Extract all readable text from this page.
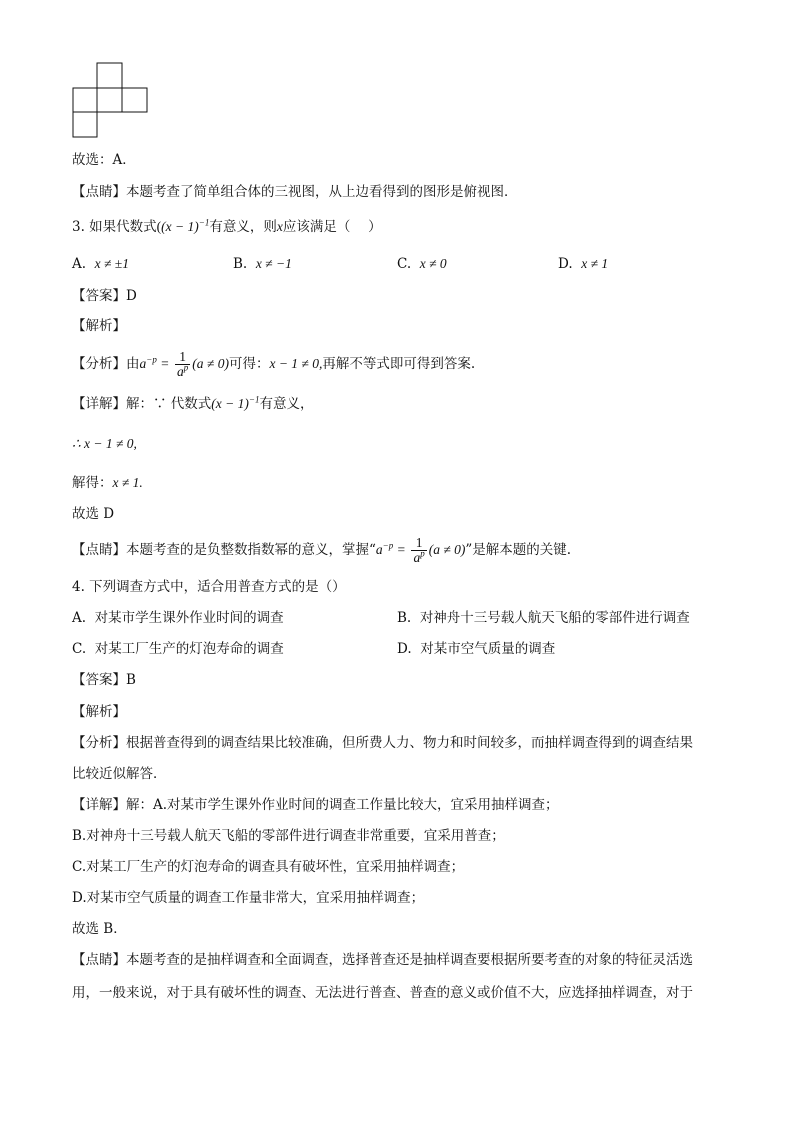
故选：A．
【点睛】本题考查了简单组合体的三视图，从上边看得到的图形是俯视图．
3. 如果代数式($(x - 1)^{-1}$有意义，则x应该满足（　 ）
A. x ≠ ±1	B. x ≠ −1	C. x ≠ 0	D. x ≠ 1
【答案】D
【解析】
【分析】由$a^{-p} = \frac{1}{a^p} (a \ne 0)$可得：x − 1 ≠ 0,再解不等式即可得到答案.
【详解】解：∵ 代数式$(x - 1)^{-1}$有意义，
∴ x − 1 ≠ 0,
解得：x ≠ 1.
故选 D
【点睛】本题考查的是负整数指数幂的意义，掌握“$a^{-p} = \frac{1}{a^p} (a \ne 0)$”是解本题的关键.
4. 下列调查方式中，适合用普查方式的是（）
A. 对某市学生课外作业时间的调查	B. 对神舟十三号载人航天飞船的零部件进行调查
C. 对某工厂生产的灯泡寿命的调查	D. 对某市空气质量的调查
【答案】B
【解析】
【分析】根据普查得到的调查结果比较准确，但所费人力、物力和时间较多，而抽样调查得到的调查结果
比较近似解答．
【详解】解：A.对某市学生课外作业时间的调查工作量比较大，宜采用抽样调查；
B.对神舟十三号载人航天飞船的零部件进行调查非常重要，宜采用普查；
C.对某工厂生产的灯泡寿命的调查具有破坏性，宜采用抽样调查；
D.对某市空气质量的调查工作量非常大，宜采用抽样调查；
故选 B．
【点睛】本题考查的是抽样调查和全面调查，选择普查还是抽样调查要根据所要考查的对象的特征灵活选
用，一般来说，对于具有破坏性的调查、无法进行普查、普查的意义或价值不大，应选择抽样调查，对于
